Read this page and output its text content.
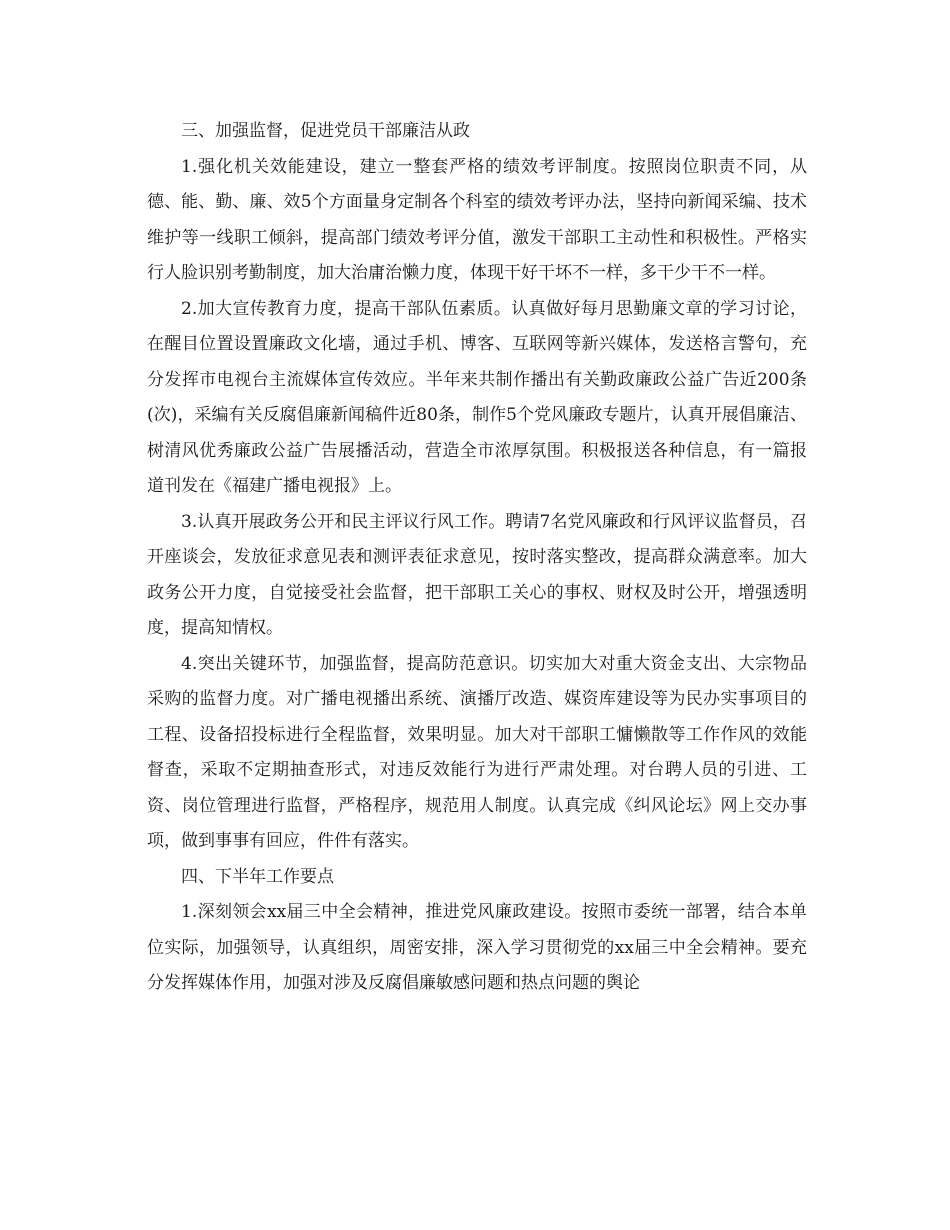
三、加强监督，促进党员干部廉洁从政

1.强化机关效能建设，建立一整套严格的绩效考评制度。按照岗位职责不同，从德、能、勤、廉、效5个方面量身定制各个科室的绩效考评办法，坚持向新闻采编、技术维护等一线职工倾斜，提高部门绩效考评分值，激发干部职工主动性和积极性。严格实行人脸识别考勤制度，加大治庸治懒力度，体现干好干坏不一样，多干少干不一样。

2.加大宣传教育力度，提高干部队伍素质。认真做好每月思勤廉文章的学习讨论，在醒目位置设置廉政文化墙，通过手机、博客、互联网等新兴媒体，发送格言警句，充分发挥市电视台主流媒体宣传效应。半年来共制作播出有关勤政廉政公益广告近200条(次)，采编有关反腐倡廉新闻稿件近80条，制作5个党风廉政专题片，认真开展倡廉洁、树清风优秀廉政公益广告展播活动，营造全市浓厚氛围。积极报送各种信息，有一篇报道刊发在《福建广播电视报》上。

3.认真开展政务公开和民主评议行风工作。聘请7名党风廉政和行风评议监督员，召开座谈会，发放征求意见表和测评表征求意见，按时落实整改，提高群众满意率。加大政务公开力度，自觉接受社会监督，把干部职工关心的事权、财权及时公开，增强透明度，提高知情权。

4.突出关键环节，加强监督，提高防范意识。切实加大对重大资金支出、大宗物品采购的监督力度。对广播电视播出系统、演播厅改造、媒资库建设等为民办实事项目的工程、设备招投标进行全程监督，效果明显。加大对干部职工慵懒散等工作作风的效能督查，采取不定期抽查形式，对违反效能行为进行严肃处理。对台聘人员的引进、工资、岗位管理进行监督，严格程序，规范用人制度。认真完成《纠风论坛》网上交办事项，做到事事有回应，件件有落实。

四、下半年工作要点

1.深刻领会xx届三中全会精神，推进党风廉政建设。按照市委统一部署，结合本单位实际，加强领导，认真组织，周密安排，深入学习贯彻党的xx届三中全会精神。要充分发挥媒体作用，加强对涉及反腐倡廉敏感问题和热点问题的舆论
